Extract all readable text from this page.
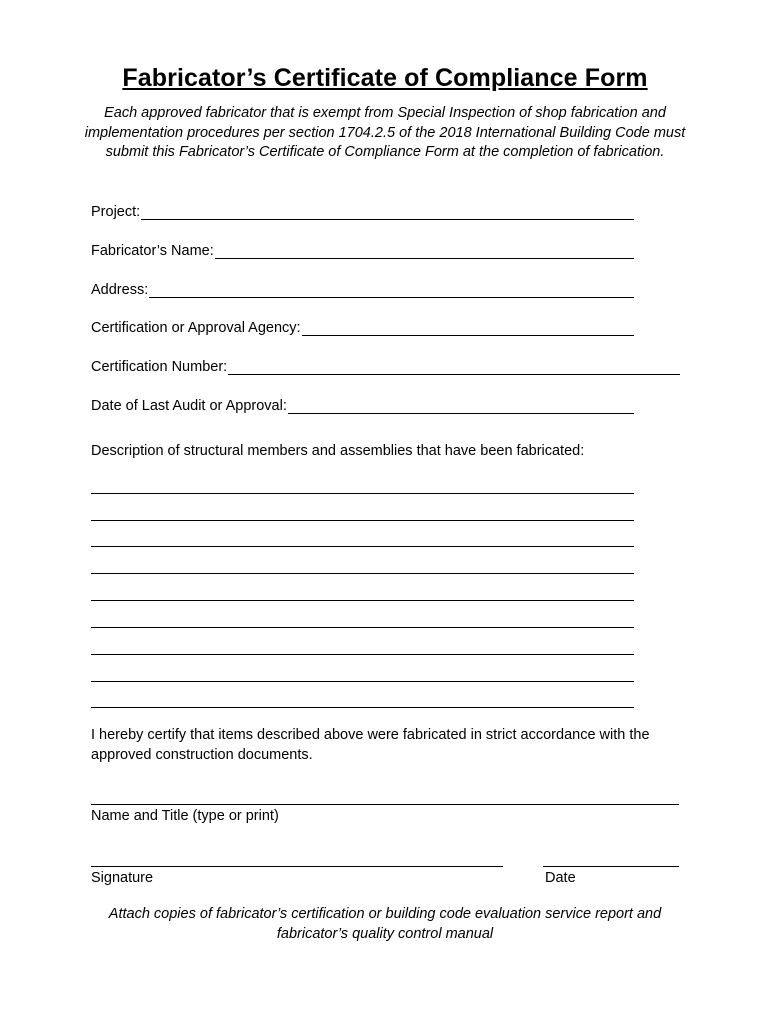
Fabricator’s Certificate of Compliance Form
Each approved fabricator that is exempt from Special Inspection of shop fabrication and implementation procedures per section 1704.2.5 of the 2018 International Building Code must submit this Fabricator’s Certificate of Compliance Form at the completion of fabrication.
Project:
Fabricator’s Name:
Address:
Certification or Approval Agency:
Certification Number:
Date of Last Audit or Approval:
Description of structural members and assemblies that have been fabricated:
I hereby certify that items described above were fabricated in strict accordance with the approved construction documents.
Name and Title (type or print)
Signature	Date
Attach copies of fabricator’s certification or building code evaluation service report and fabricator’s quality control manual
